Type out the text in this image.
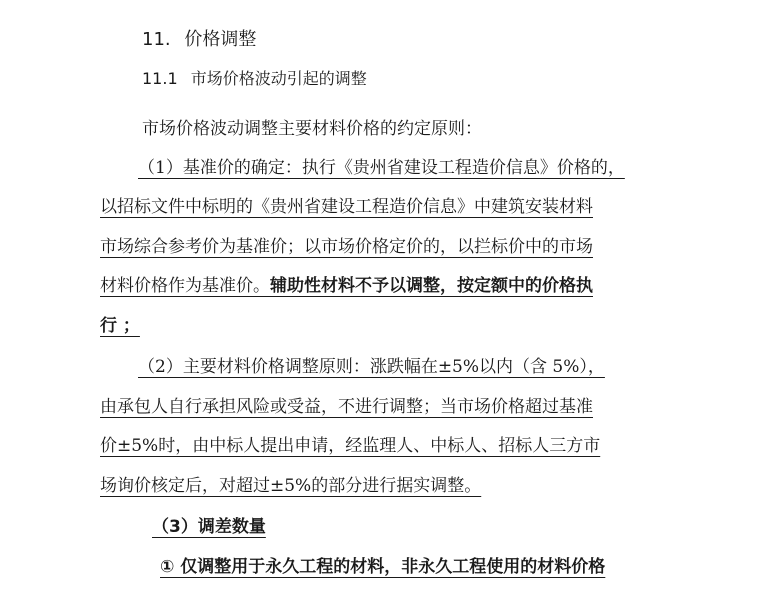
11. 价格调整
11.1 市场价格波动引起的调整
市场价格波动调整主要材料价格的约定原则：
（1）基准价的确定：执行《贵州省建设工程造价信息》价格的，
以招标文件中标明的《贵州省建设工程造价信息》中建筑安装材料
市场综合参考价为基准价；以市场价格定价的，以拦标价中的市场
材料价格作为基准价。辅助性材料不予以调整，按定额中的价格执
行 ；
（2）主要材料价格调整原则：涨跌幅在±5%以内（含 5%），
由承包人自行承担风险或受益，不进行调整；当市场价格超过基准
价±5%时，由中标人提出申请，经监理人、中标人、招标人三方市
场询价核定后，对超过±5%的部分进行据实调整。
（3）调差数量
① 仅调整用于永久工程的材料，非永久工程使用的材料价格
